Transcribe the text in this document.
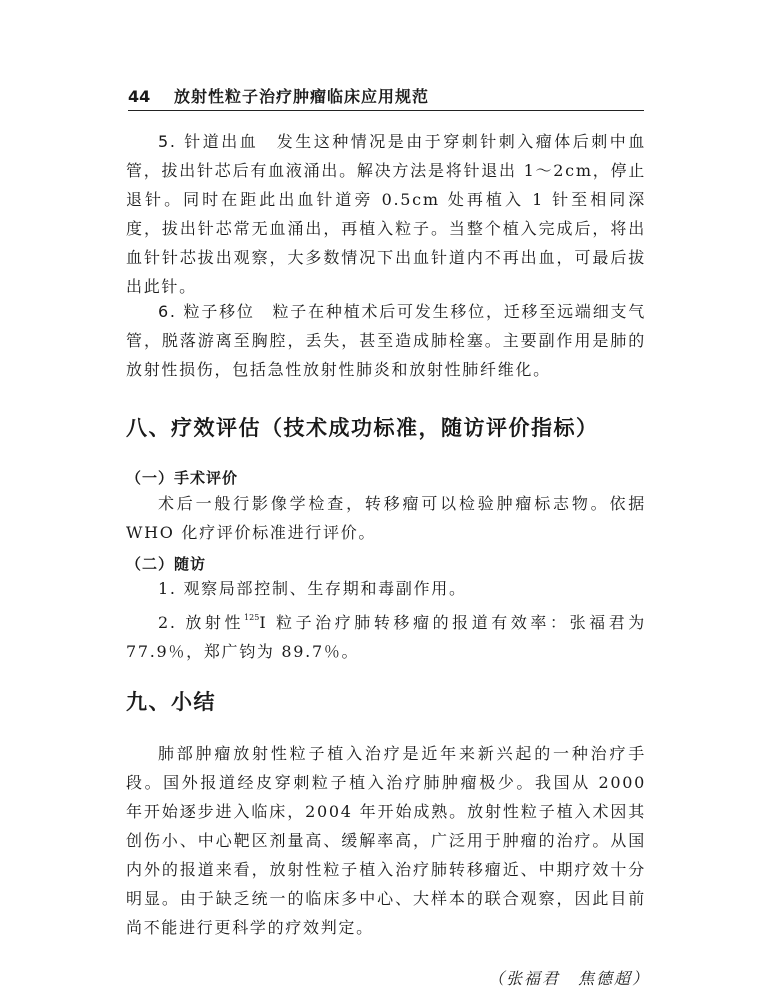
44 放射性粒子治疗肿瘤临床应用规范

5. 针道出血　 发生这种情况是由于穿刺针刺入瘤体后刺中血管，拔出针芯后有血液涌出。解决方法是将针退出 1～2cm，停止退针。同时在距此出血针道旁 0.5cm 处再植入 1 针至相同深度，拔出针芯常无血涌出，再植入粒子。当整个植入完成后，将出血针针芯拔出观察，大多数情况下出血针道内不再出血，可最后拔出此针。

6. 粒子移位　 粒子在种植术后可发生移位，迁移至远端细支气管，脱落游离至胸腔，丢失，甚至造成肺栓塞。主要副作用是肺的放射性损伤，包括急性放射性肺炎和放射性肺纤维化。

八、疗效评估（技术成功标准，随访评价指标）
（一）手术评价

术后一般行影像学检查，转移瘤可以检验肿瘤标志物。依据 WHO 化疗评价标准进行评价。

（二）随访

1. 观察局部控制、生存期和毒副作用。

2. 放射性$^{125}$I 粒子治疗肺转移瘤的报道有效率：张福君为 77.9％，郑广钧为 89.7％。

九、小结

肺部肿瘤放射性粒子植入治疗是近年来新兴起的一种治疗手段。国外报道经皮穿刺粒子植入治疗肺肿瘤极少。我国从 2000 年开始逐步进入临床，2004 年开始成熟。放射性粒子植入术因其创伤小、中心靶区剂量高、缓解率高，广泛用于肿瘤的治疗。从国内外的报道来看，放射性粒子植入治疗肺转移瘤近、中期疗效十分明显。由于缺乏统一的临床多中心、大样本的联合观察，因此目前尚不能进行更科学的疗效判定。

（张福君　焦德超）
